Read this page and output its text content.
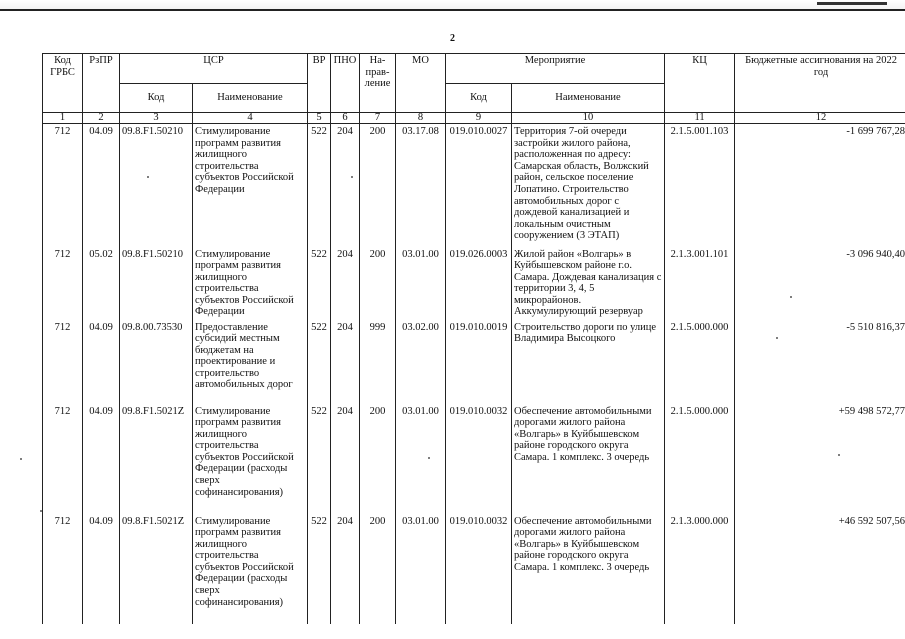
2
Код ГРБС	РзПР	ЦСР		ВР	ПНО	На-прав-ление	МО	Мероприятие		КЦ	Бюджетные ассигнования на 2022 год
		Код	Наименование					Код	Наименование		
1	2	3	4	5	6	7	8	9	10	11	12
712	04.09	09.8.F1.50210	Стимулирование программ развития жилищного строительства субъектов Российской Федерации	522	204	200	03.17.08	019.010.0027	Территория 7-ой очереди застройки жилого района, расположенная по адресу: Самарская область, Волжский район, сельское поселение Лопатино. Строительство автомобильных дорог с дождевой канализацией и локальным очистным сооружением (3 ЭТАП)	2.1.5.001.103	-1 699 767,28
712	05.02	09.8.F1.50210	Стимулирование программ развития жилищного строительства субъектов Российской Федерации	522	204	200	03.01.00	019.026.0003	Жилой район «Волгарь» в Куйбышевском районе г.о. Самара. Дождевая канализация с территории 3, 4, 5 микрорайонов. Аккумулирующий резервуар	2.1.3.001.101	-3 096 940,40
712	04.09	09.8.00.73530	Предоставление субсидий местным бюджетам на проектирование и строительство автомобильных дорог	522	204	999	03.02.00	019.010.0019	Строительство дороги по улице Владимира Высоцкого	2.1.5.000.000	-5 510 816,37
712	04.09	09.8.F1.5021Z	Стимулирование программ развития жилищного строительства субъектов Российской Федерации (расходы сверх софинансирования)	522	204	200	03.01.00	019.010.0032	Обеспечение автомобильными дорогами жилого района «Волгарь» в Куйбышевском районе городского округа Самара. 1 комплекс. 3 очередь	2.1.5.000.000	+59 498 572,77
712	04.09	09.8.F1.5021Z	Стимулирование программ развития жилищного строительства субъектов Российской Федерации (расходы сверх софинансирования)	522	204	200	03.01.00	019.010.0032	Обеспечение автомобильными дорогами жилого района «Волгарь» в Куйбышевском районе городского округа Самара. 1 комплекс. 3 очередь	2.1.3.000.000	+46 592 507,56
